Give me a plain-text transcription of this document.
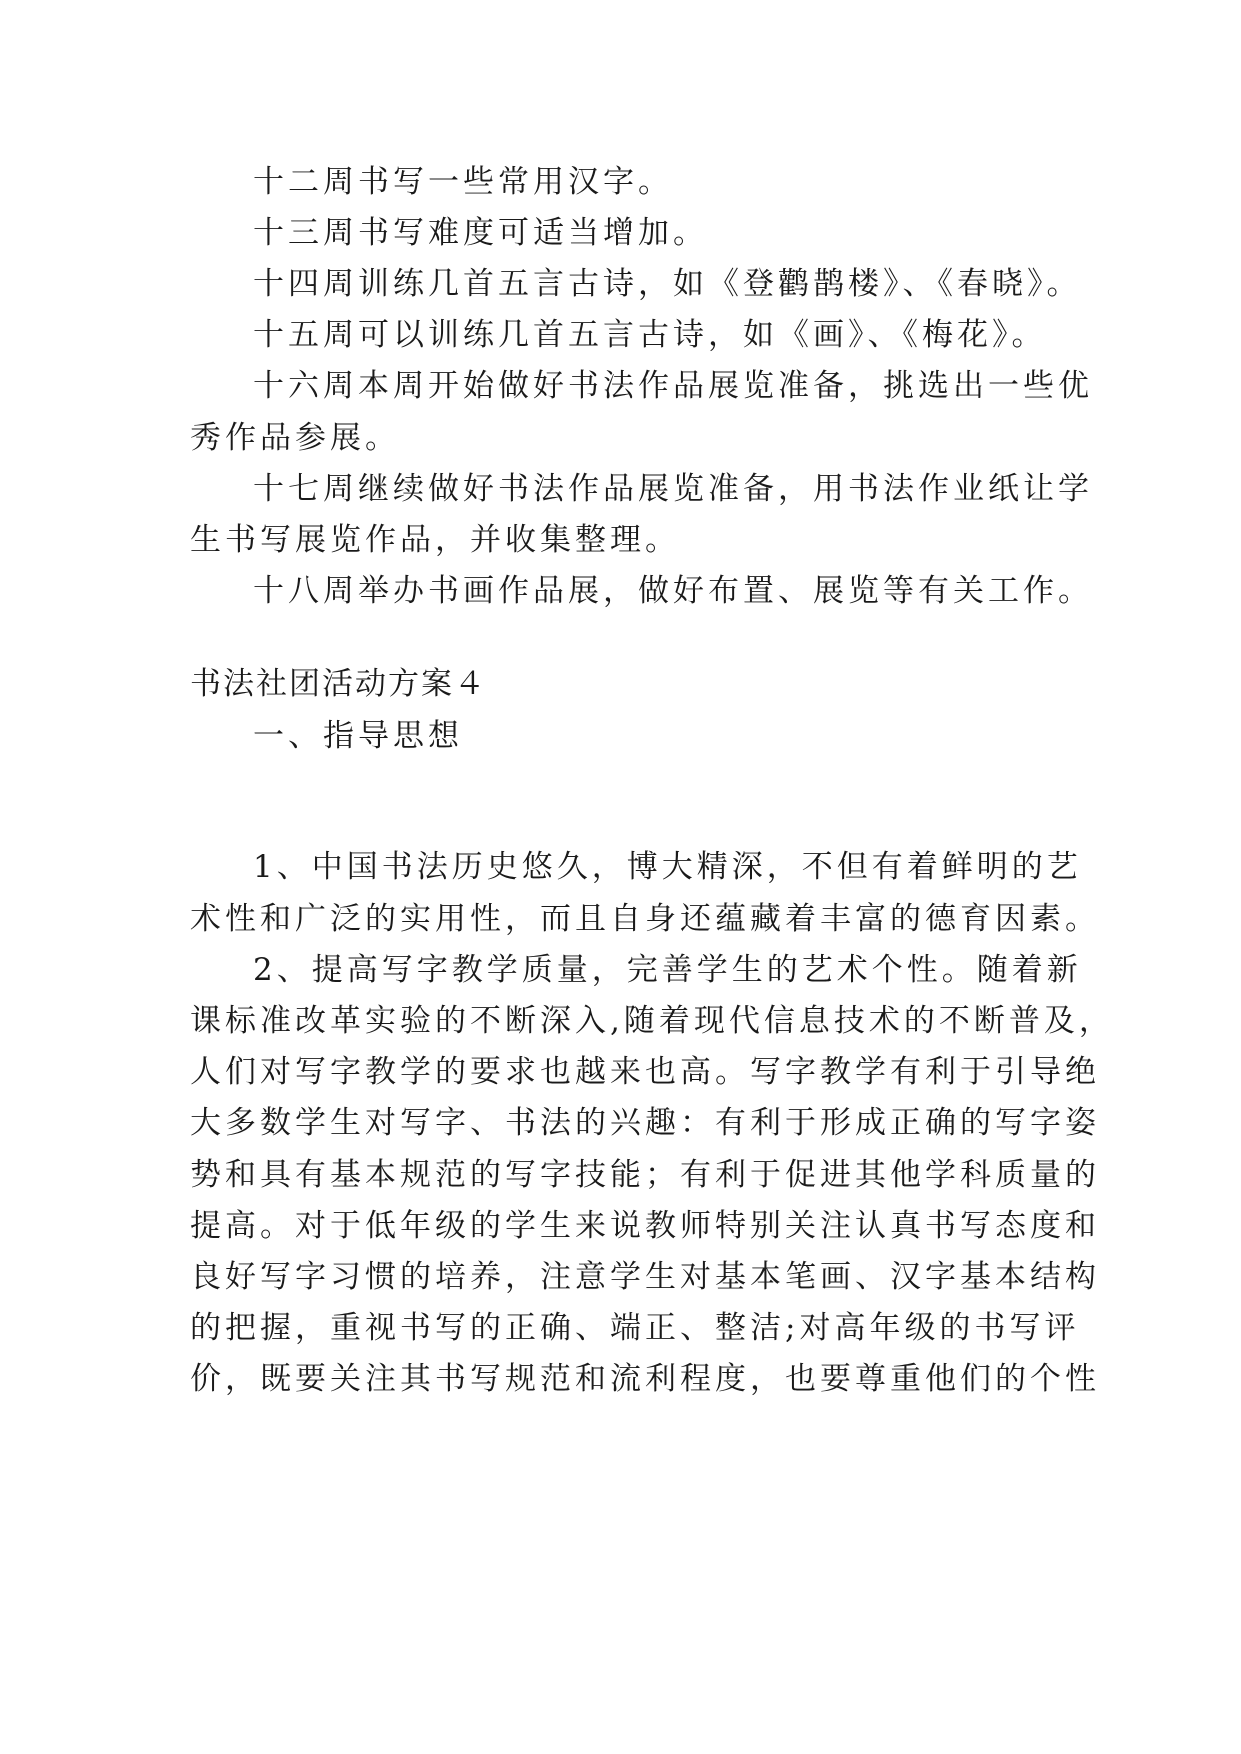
十二周书写一些常用汉字。

十三周书写难度可适当增加。

十四周训练几首五言古诗，如《登鹳鹊楼》、《春晓》。

十五周可以训练几首五言古诗，如《画》、《梅花》。

十六周本周开始做好书法作品展览准备，挑选出一些优

秀作品参展。

十七周继续做好书法作品展览准备，用书法作业纸让学

生书写展览作品，并收集整理。

十八周举办书画作品展，做好布置、展览等有关工作。

书法社团活动方案４

一、指导思想

1、中国书法历史悠久，博大精深，不但有着鲜明的艺

术性和广泛的实用性，而且自身还蕴藏着丰富的德育因素。

2、提高写字教学质量，完善学生的艺术个性。随着新

课标准改革实验的不断深入,随着现代信息技术的不断普及，

人们对写字教学的要求也越来也高。写字教学有利于引导绝

大多数学生对写字、书法的兴趣：有利于形成正确的写字姿

势和具有基本规范的写字技能；有利于促进其他学科质量的

提高。对于低年级的学生来说教师特别关注认真书写态度和

良好写字习惯的培养，注意学生对基本笔画、汉字基本结构

的把握，重视书写的正确、端正、整洁;对高年级的书写评

价，既要关注其书写规范和流利程度，也要尊重他们的个性
